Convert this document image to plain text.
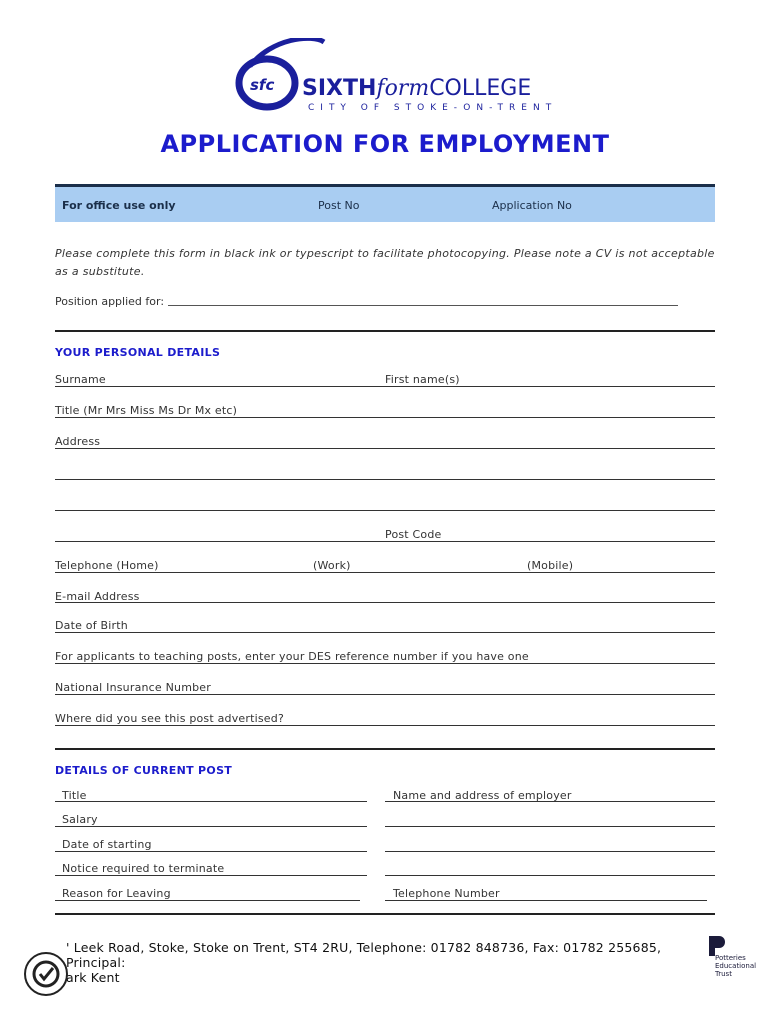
sfc SIXTHformCOLLEGE
CITY OF STOKE-ON-TRENT
APPLICATION FOR EMPLOYMENT
For office use only	Post No	Application No
Please complete this form in black ink or typescript to facilitate photocopying. Please note a CV is not acceptable as a substitute.
Position applied for:
YOUR PERSONAL DETAILS
Surname	First name(s)
Title (Mr Mrs Miss Ms Dr Mx etc)
Address
Post Code
Telephone (Home)	(Work)	(Mobile)
E-mail Address
Date of Birth
For applicants to teaching posts, enter your DES reference number if you have one
National Insurance Number
Where did you see this post advertised?
DETAILS OF CURRENT POST
Title	Name and address of employer
Salary
Date of starting
Notice required to terminate
Reason for Leaving	Telephone Number
' Leek Road, Stoke, Stoke on Trent, ST4 2RU, Telephone: 01782 848736, Fax: 01782 255685, Principal:
ark Kent
Potteries Educational Trust
